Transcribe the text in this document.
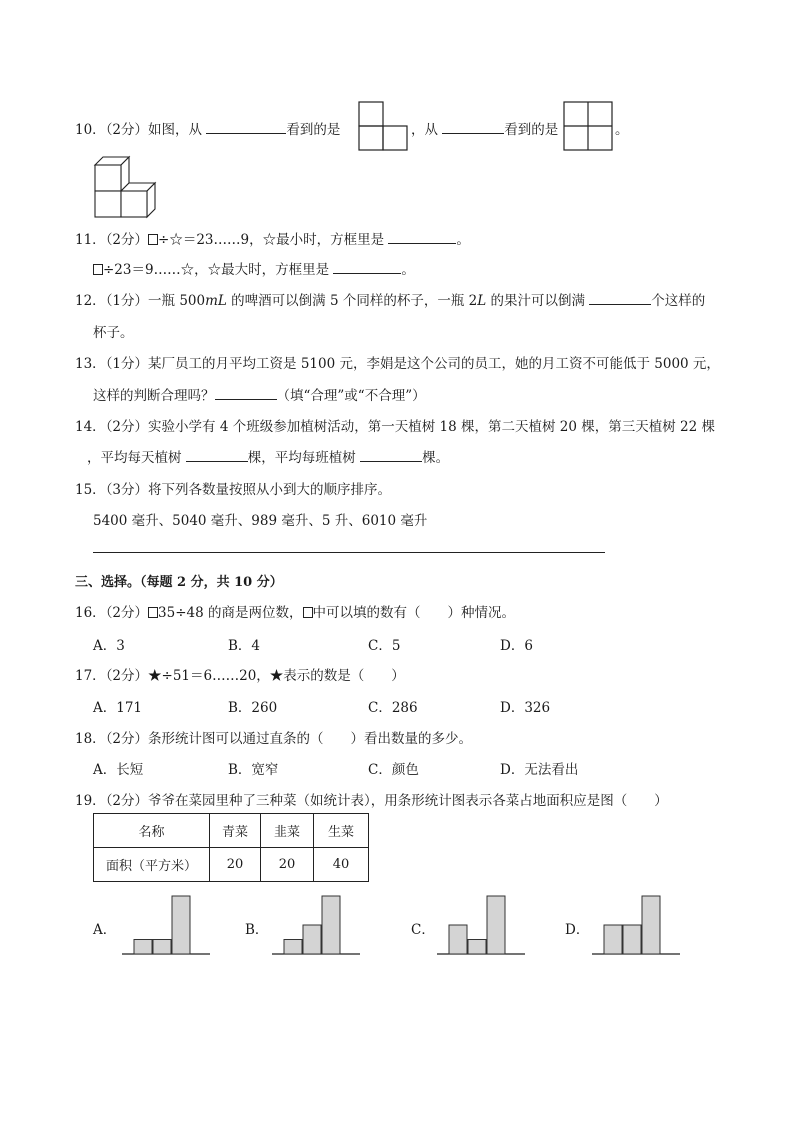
10．（2分）如图，从	看到的是	，从	看到的是	。
11．（2分） ÷☆＝23……9，☆最小时，方框里是	。
÷23＝9……☆，☆最大时，方框里是	。
12．（1分）一瓶 500mL 的啤酒可以倒满 5 个同样的杯子，一瓶 2L 的果汁可以倒满	个这样的
杯子。
13．（1分）某厂员工的月平均工资是 5100 元，李娟是这个公司的员工，她的月工资不可能低于 5000 元，
这样的判断合理吗？	（填“合理”或“不合理”）
14．（2分）实验小学有 4 个班级参加植树活动，第一天植树 18 棵，第二天植树 20 棵，第三天植树 22 棵
，平均每天植树	棵，平均每班植树	棵。
15．（3分）将下列各数量按照从小到大的顺序排序。
5400 毫升、5040 毫升、989 毫升、5 升、6010 毫升
三、选择。（每题 2 分，共 10 分）
16．（2分） 35÷48 的商是两位数， 中可以填的数有（　　）种情况。
A．3	B．4	C．5	D．6
17．（2分）★÷51＝6……20，★表示的数是（　　）
A．171	B．260	C．286	D．326
18．（2分）条形统计图可以通过直条的（　　）看出数量的多少。
A．长短	B．宽窄	C．颜色	D．无法看出
19．（2分）爷爷在菜园里种了三种菜（如统计表），用条形统计图表示各菜占地面积应是图（　　）
名称	青菜	韭菜	生菜
面积（平方米）	20	20	40
A．	B．	C．	D．
